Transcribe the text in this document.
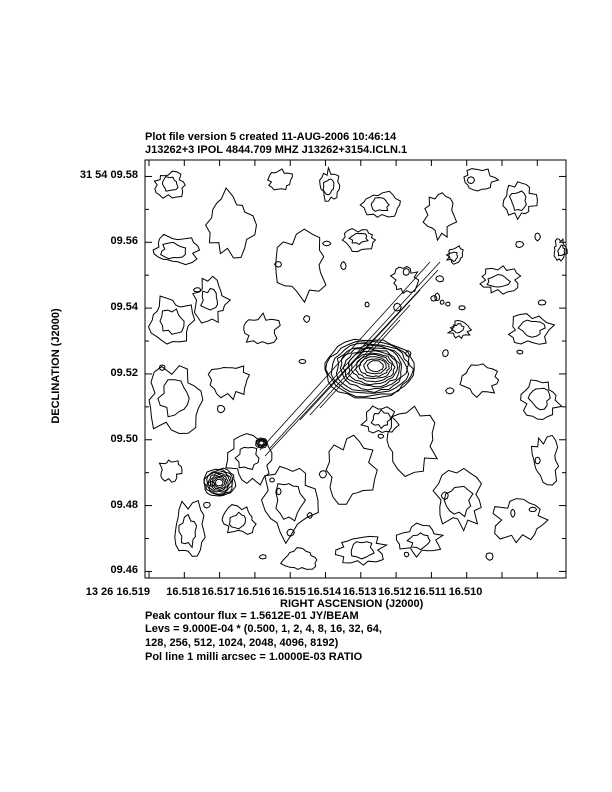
Plot file version 5 created 11-AUG-2006 10:46:14
J13262+3 IPOL 4844.709 MHZ J13262+3154.ICLN.1
31 54 09.58
09.56
09.54
09.52
09.50
09.48
09.46
13 26 16.519 16.518 16.517 16.516 16.515 16.514 16.513 16.512 16.511 16.510
DECLINATION (J2000)
RIGHT ASCENSION (J2000)
Peak contour flux = 1.5612E-01 JY/BEAM
Levs = 9.000E-04 * (0.500, 1, 2, 4, 8, 16, 32, 64,
128, 256, 512, 1024, 2048, 4096, 8192)
Pol line 1 milli arcsec = 1.0000E-03 RATIO
